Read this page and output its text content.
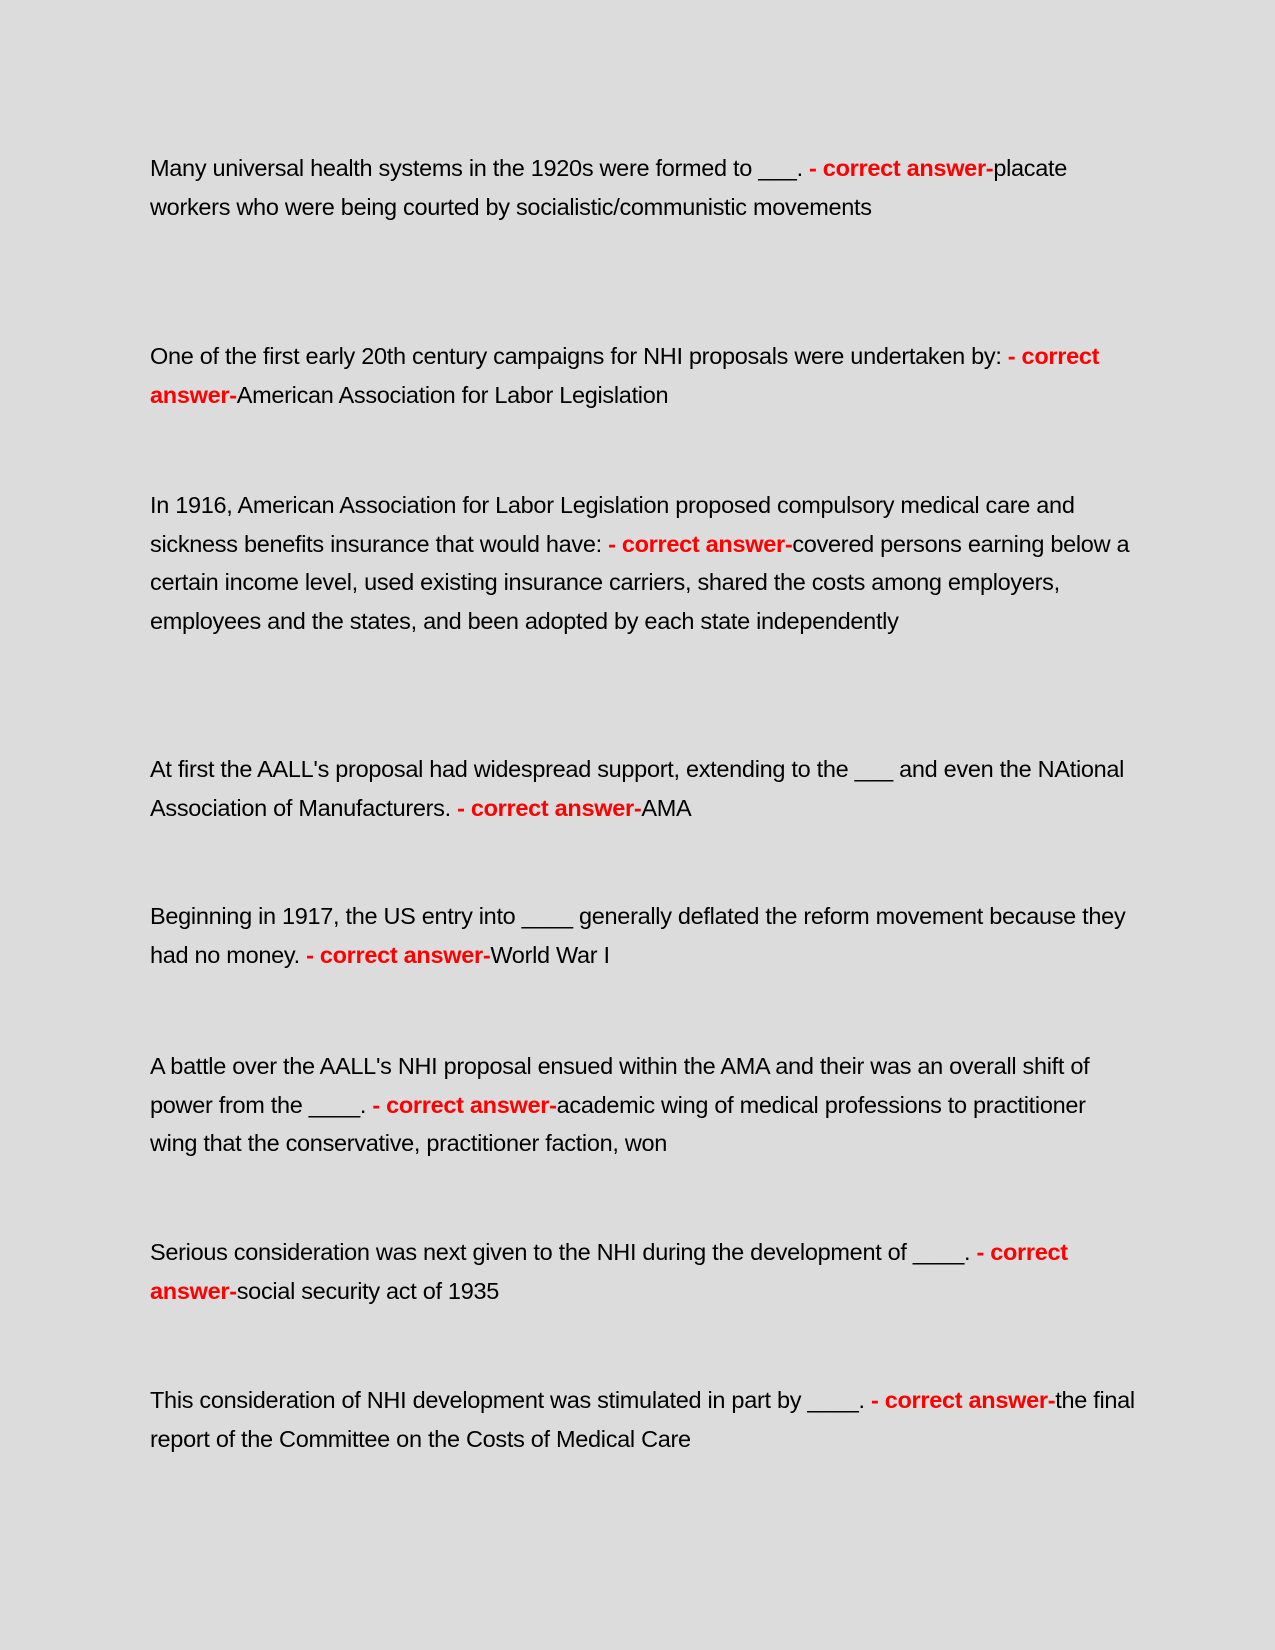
Many universal health systems in the 1920s were formed to ___. - correct answer-placate workers who were being courted by socialistic/communistic movements
One of the first early 20th century campaigns for NHI proposals were undertaken by: - correct answer-American Association for Labor Legislation
In 1916, American Association for Labor Legislation proposed compulsory medical care and sickness benefits insurance that would have: - correct answer-covered persons earning below a certain income level, used existing insurance carriers, shared the costs among employers, employees and the states, and been adopted by each state independently
At first the AALL's proposal had widespread support, extending to the ___ and even the NAtional Association of Manufacturers. - correct answer-AMA
Beginning in 1917, the US entry into ____ generally deflated the reform movement because they had no money. - correct answer-World War I
A battle over the AALL's NHI proposal ensued within the AMA and their was an overall shift of power from the ____. - correct answer-academic wing of medical professions to practitioner wing that the conservative, practitioner faction, won
Serious consideration was next given to the NHI during the development of ____. - correct answer-social security act of 1935
This consideration of NHI development was stimulated in part by ____. - correct answer-the final report of the Committee on the Costs of Medical Care
